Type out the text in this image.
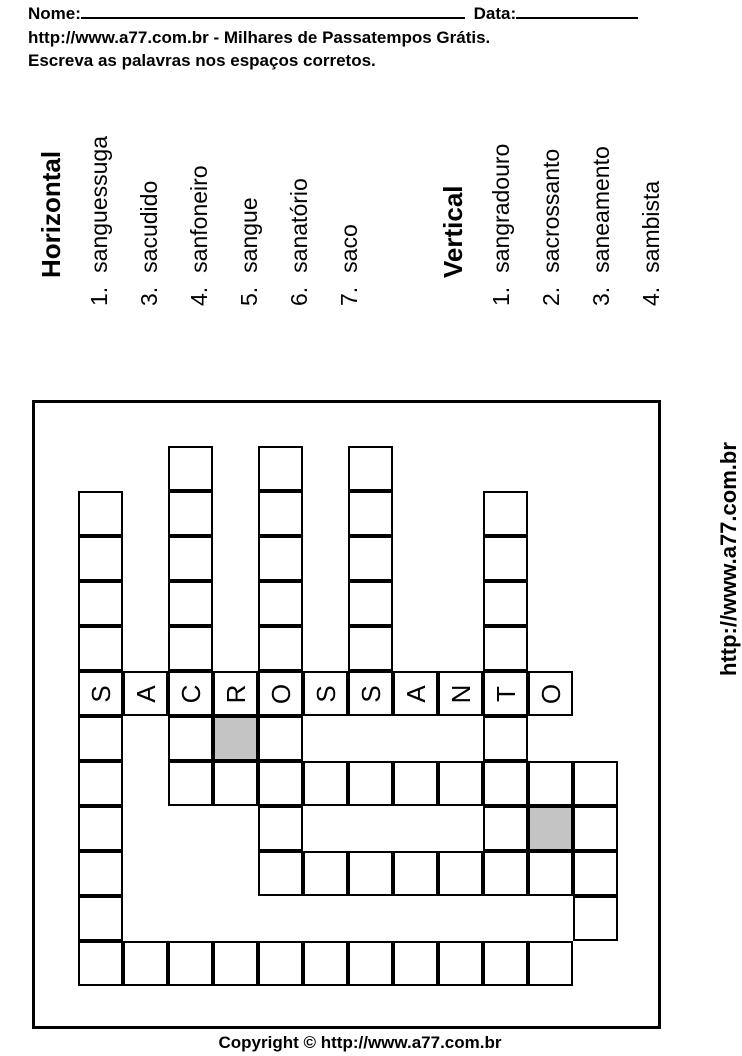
Nome:	Data:
http://www.a77.com.br - Milhares de Passatempos Grátis.
Escreva as palavras nos espaços corretos.
Horizontal
1.sanguessuga
3.sacudido
4.sanfoneiro
5.sangue
6.sanatório
7.saco	Vertical
1.sangradouro
2.sacrossanto
3.saneamento
4.sambista
S C O S	T
A R S A N O
http://www.a77.com.br
Copyright © http://www.a77.com.br
